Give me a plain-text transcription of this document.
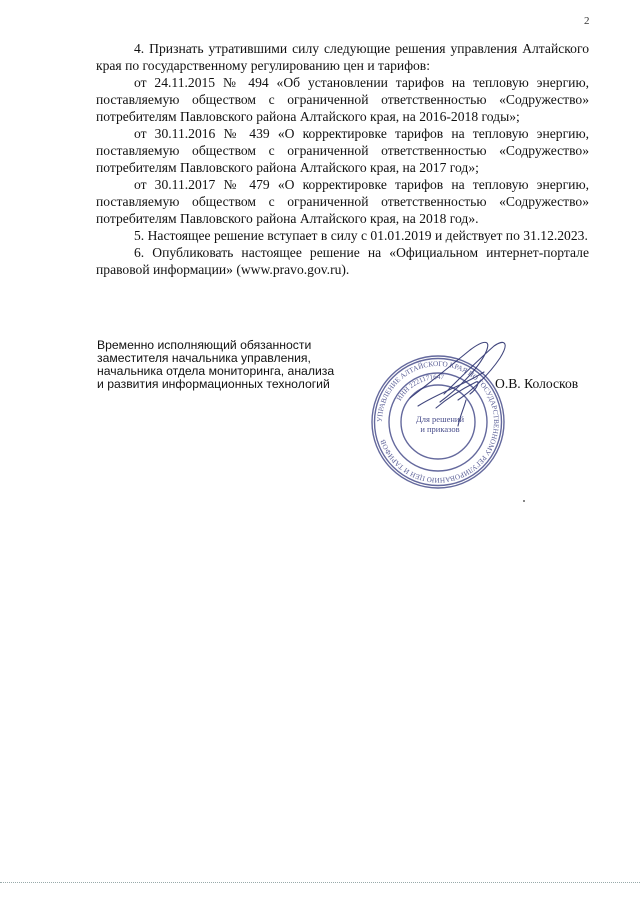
2

4. Признать утратившими силу следующие решения управления Алтайского края по государственному регулированию цен и тарифов:

от 24.11.2015 № 494 «Об установлении тарифов на тепловую энергию, поставляемую обществом с ограниченной ответственностью «Содружество» потребителям Павловского района Алтайского края, на 2016-2018 годы»;

от 30.11.2016 № 439 «О корректировке тарифов на тепловую энергию, поставляемую обществом с ограниченной ответственностью «Содружество» потребителям Павловского района Алтайского края, на 2017 год»;

от 30.11.2017 № 479 «О корректировке тарифов на тепловую энергию, поставляемую обществом с ограниченной ответственностью «Содружество» потребителям Павловского района Алтайского края, на 2018 год».

5. Настоящее решение вступает в силу с 01.01.2019 и действует по 31.12.2023.

6. Опубликовать настоящее решение на «Официальном интернет-портале правовой информации» (www.pravo.gov.ru).

Временно исполняющий обязанности
заместителя начальника управления,
начальника отдела мониторинга, анализа
и развития информационных технологий
УПРАВЛЕНИЕ АЛТАЙСКОГО КРАЯ ПО ГОСУДАРСТВЕННОМУ РЕГУЛИРОВАНИЮ ЦЕН И ТАРИФОВ
ИНН 2221171647
Для решений
и приказов
О.В. Колосков
